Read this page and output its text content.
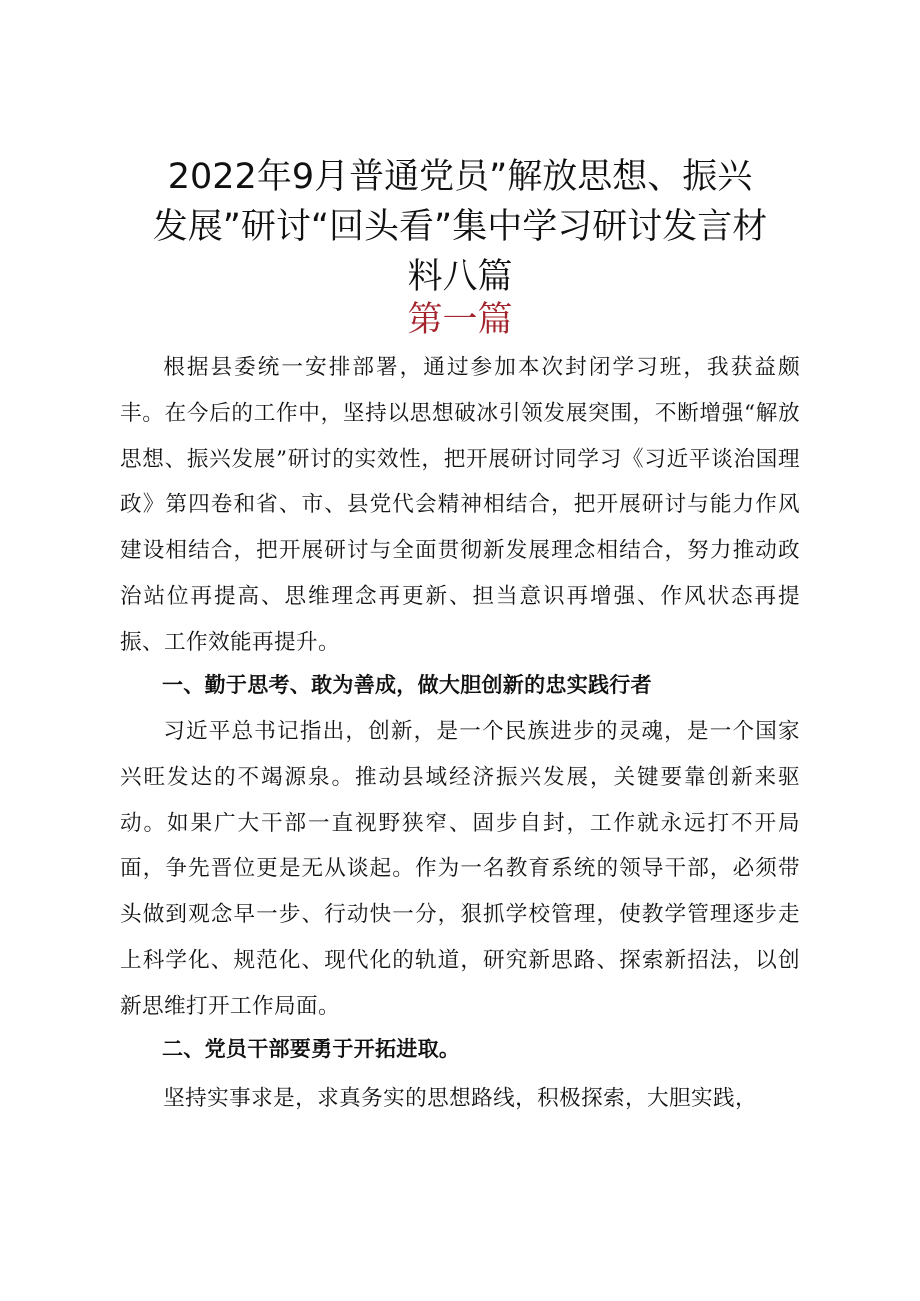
2022年9月普通党员”解放思想、振兴
发展”研讨“回头看”集中学习研讨发言材
料八篇
第一篇

根据县委统一安排部署，通过参加本次封闭学习班，我获益颇丰。在今后的工作中，坚持以思想破冰引领发展突围，不断增强“解放思想、振兴发展”研讨的实效性，把开展研讨同学习《习近平谈治国理政》第四卷和省、市、县党代会精神相结合，把开展研讨与能力作风建设相结合，把开展研讨与全面贯彻新发展理念相结合，努力推动政治站位再提高、思维理念再更新、担当意识再增强、作风状态再提振、工作效能再提升。

一、勤于思考、敢为善成，做大胆创新的忠实践行者

习近平总书记指出，创新，是一个民族进步的灵魂，是一个国家兴旺发达的不竭源泉。推动县域经济振兴发展，关键要靠创新来驱动。如果广大干部一直视野狭窄、固步自封，工作就永远打不开局面，争先晋位更是无从谈起。作为一名教育系统的领导干部，必须带头做到观念早一步、行动快一分，狠抓学校管理，使教学管理逐步走上科学化、规范化、现代化的轨道，研究新思路、探索新招法，以创新思维打开工作局面。

二、党员干部要勇于开拓进取。

坚持实事求是，求真务实的思想路线，积极探索，大胆实践，
